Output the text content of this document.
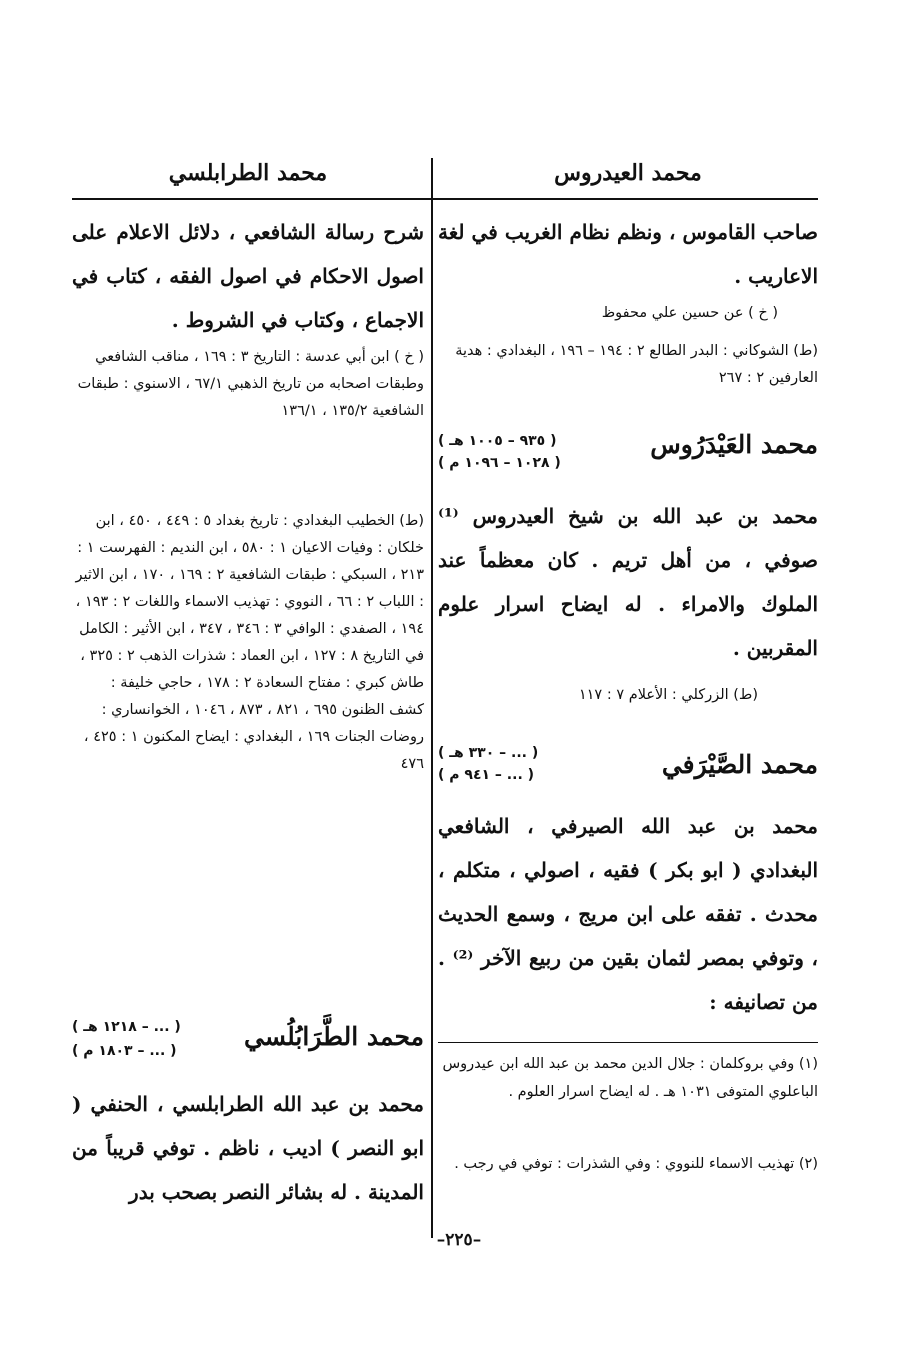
محمد العيدروس
صاحب القاموس ، ونظم نظام الغريب في لغة الاعاريب .
( خ ) عن حسين علي محفوظ
(ط) الشوكاني : البدر الطالع ٢ : ١٩٤ – ١٩٦ ، البغدادي : هدية العارفين ٢ : ٢٦٧
محمد العَيْدَرُوس
( ٩٣٥ – ١٠٠٥ هـ )
( ١٠٢٨ – ١٠٩٦ م )
محمد بن عبد الله بن شيخ العيدروس ⁽¹⁾ صوفي ، من أهل تريم . كان معظماً عند الملوك والامراء . له ايضاح اسرار علوم المقربين .
(ط) الزركلي : الأعلام ٧ : ١١٧
محمد الصَّيْرَفي
( ... – ٣٣٠ هـ )
( ... – ٩٤١ م )
محمد بن عبد الله الصيرفي ، الشافعي البغدادي ( ابو بكر ) فقيه ، اصولي ، متكلم ، محدث . تفقه على ابن مريج ، وسمع الحديث ، وتوفي بمصر لثمان بقين من ربيع الآخر ⁽²⁾ . من تصانيفه :
(١) وفي بروكلمان : جلال الدين محمد بن عبد الله ابن عيدروس الباعلوي المتوفى ١٠٣١ هـ . له ايضاح اسرار العلوم .
(٢) تهذيب الاسماء للنووي : وفي الشذرات : توفي في رجب .
محمد الطرابلسي
شرح رسالة الشافعي ، دلائل الاعلام على اصول الاحكام في اصول الفقه ، كتاب في الاجماع ، وكتاب في الشروط .
( خ ) ابن أبي عدسة : التاريخ ٣ : ١٦٩ ، مناقب الشافعي وطبقات اصحابه من تاريخ الذهبي ٦٧/١ ، الاسنوي : طبقات الشافعية ١٣٥/٢ ، ١٣٦/١
(ط) الخطيب البغدادي : تاريخ بغداد ٥ : ٤٤٩ ، ٤٥٠ ، ابن خلكان : وفيات الاعيان ١ : ٥٨٠ ، ابن النديم : الفهرست ١ : ٢١٣ ، السبكي : طبقات الشافعية ٢ : ١٦٩ ، ١٧٠ ، ابن الاثير : اللباب ٢ : ٦٦ ، النووي : تهذيب الاسماء واللغات ٢ : ١٩٣ ، ١٩٤ ، الصفدي : الوافي ٣ : ٣٤٦ ، ٣٤٧ ، ابن الأثير : الكامل في التاريخ ٨ : ١٢٧ ، ابن العماد : شذرات الذهب ٢ : ٣٢٥ ، طاش كبري : مفتاح السعادة ٢ : ١٧٨ ، حاجي خليفة : كشف الظنون ٦٩٥ ، ٨٢١ ، ٨٧٣ ، ١٠٤٦ ، الخوانساري : روضات الجنات ١٦٩ ، البغدادي : ايضاح المكنون ١ : ٤٢٥ ، ٤٧٦
محمد الطَّرَابُلُسي
( ... – ١٢١٨ هـ )
( ... – ١٨٠٣ م )
محمد بن عبد الله الطرابلسي ، الحنفي ( ابو النصر ) اديب ، ناظم . توفي قريباً من المدينة . له بشائر النصر بصحب بدر
–٢٢٥–
